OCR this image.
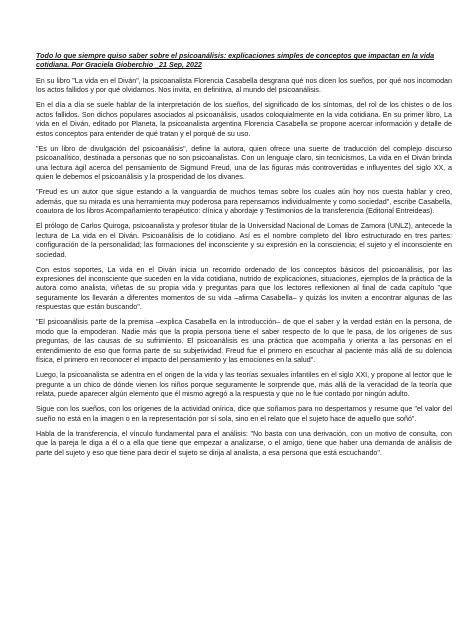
Todo lo que siempre quiso saber sobre el psicoanálisis: explicaciones simples de conceptos que impactan en la vida cotidiana. Por Graciela Gioberchio _21 Sep, 2022

En su libro "La vida en el Diván", la psicoanalista Florencia Casabella desgrana qué nos dicen los sueños, por qué nos incomodan los actos fallidos y por qué olvidamos. Nos invita, en definitiva, al mundo del psicoanálisis.

En el día a día se suele hablar de la interpretación de los sueños, del significado de los síntomas, del rol de los chistes o de los actos fallidos. Son dichos populares asociados al psicoanálisis, usados coloquialmente en la vida cotidiana. En su primer libro, La vida en el Diván, editado por Planeta, la psicoanalista argentina Florencia Casabella se propone acercar información y detalle de estos conceptos para entender de qué tratan y el porqué de su uso.

"Es un libro de divulgación del psicoanálisis", define la autora, quien ofrece una suerte de traducción del complejo discurso psicoanalítico, destinada a personas que no son psicoanalistas. Con un lenguaje claro, sin tecnicismos, La vida en el Diván brinda una lectura ágil acerca del pensamiento de Sigmund Freud, una de las figuras más controvertidas e influyentes del siglo XX, a quien le debemos el psicoanálisis y la prosperidad de los divanes.

"Freud es un autor que sigue estando a la vanguardia de muchos temas sobre los cuales aún hoy nos cuesta hablar y creo, además, que su mirada es una herramienta muy poderosa para repensarnos individualmente y como sociedad", escribe Casabella, coautora de los libros Acompañamiento terapéutico: clínica y abordaje y Testimonios de la transferencia (Editorial Entreideas).

El prólogo de Carlos Quiroga, psicoanalista y profesor titular de la Universidad Nacional de Lomas de Zamora (UNLZ), antecede la lectura de La vida en el Diván. Psicoanálisis de lo cotidiano. Así es el nombre completo del libro estructurado en tres partes: configuración de la personalidad; las formaciones del inconsciente y su expresión en la consciencia; el sujeto y el inconsciente en sociedad.

Con estos soportes, La vida en el Diván inicia un recorrido ordenado de los conceptos básicos del psicoanálisis, por las expresiones del inconsciente que suceden en la vida cotidiana, nutrido de explicaciones, situaciones, ejemplos de la práctica de la autora como analista, viñetas de su propia vida y preguntas para que los lectores reflexionen al final de cada capítulo "que seguramente los llevarán a diferentes momentos de su vida –afirma Casabella– y quizás los inviten a encontrar algunas de las respuestas que están buscando".

"El psicoanálisis parte de la premisa –explica Casabella en la introducción– de que el saber y la verdad están en la persona, de modo que la empoderan. Nadie más que la propia persona tiene el saber respecto de lo que le pasa, de los orígenes de sus preguntas, de las causas de su sufrimiento. El psicoanálisis es una práctica que acompaña y orienta a las personas en el entendimiento de eso que forma parte de su subjetividad. Freud fue el primero en escuchar al paciente más allá de su dolencia física, el primero en reconocer el impacto del pensamiento y las emociones en la salud".

Luego, la psicoanalista se adentra en el origen de la vida y las teorías sexuales infantiles en el siglo XXI, y propone al lector que le pregunte a un chico de dónde vienen los niños porque seguramente le sorprende que, más allá de la veracidad de la teoría que relata, puede aparecer algún elemento que él mismo agregó a la respuesta y que no le fue contado por ningún adulto.

Sigue con los sueños, con los orígenes de la actividad onírica, dice que soñamos para no despertarnos y resume que "el valor del sueño no está en la imagen o en la representación por sí sola, sino en el relato que el sujeto hace de aquello que soñó".

Habla de la transferencia, el vínculo fundamental para el análisis: "No basta con una derivación, con un motivo de consulta, con que la pareja le diga a él o a ella que tiene que empezar a analizarse, o el amigo, tiene que haber una demanda de análisis de parte del sujeto y eso que tiene para decir el sujeto se dirija al analista, a esa persona que está escuchando".
